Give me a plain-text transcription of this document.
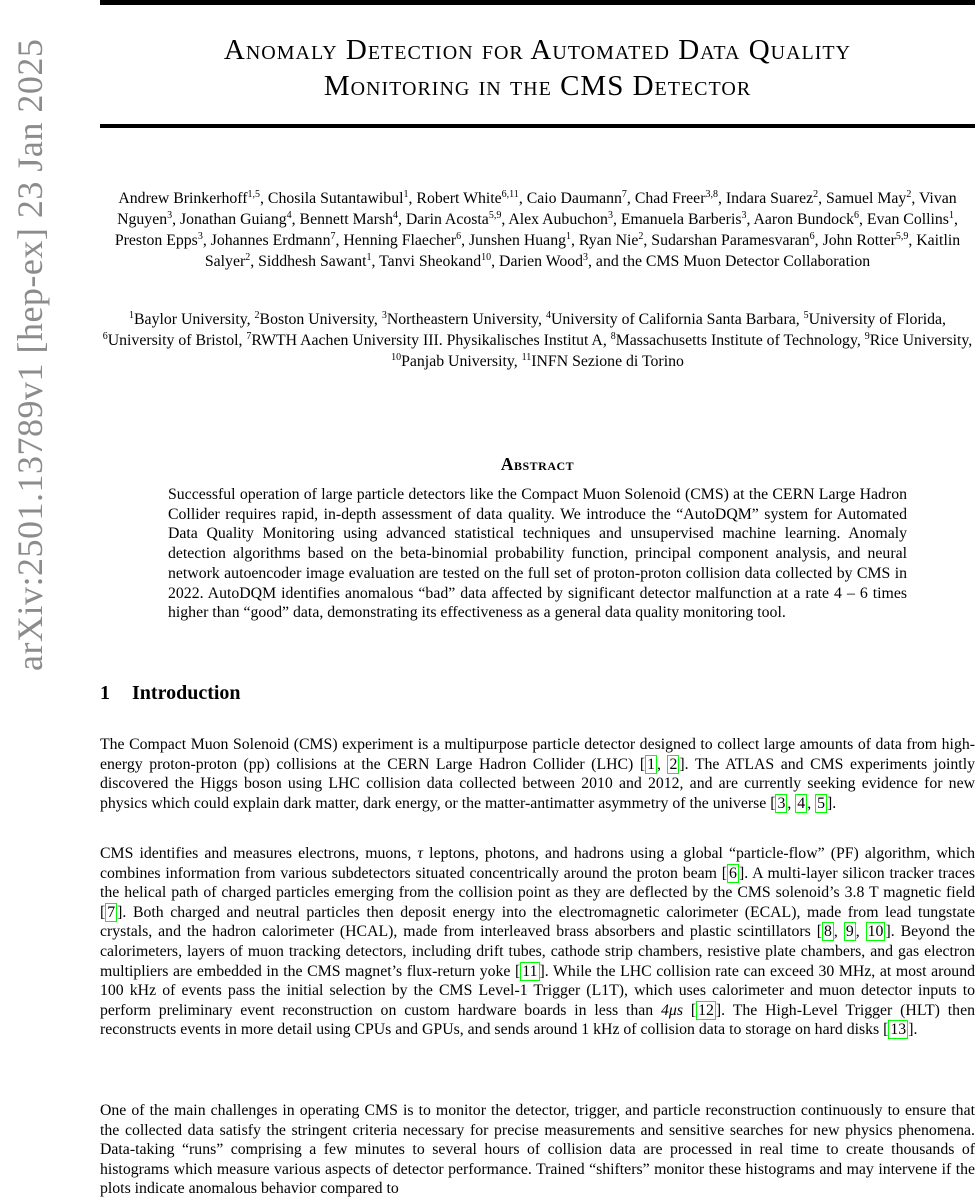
arXiv:2501.13789v1 [hep-ex] 23 Jan 2025	Anomaly Detection for Automated Data Quality
Monitoring in the CMS Detector
Andrew Brinkerhoff$^{1,5}$, Chosila Sutantawibul$^1$, Robert White$^{6,11}$, Caio Daumann$^7$, Chad Freer$^{3,8}$, Indara Suarez$^2$, Samuel May$^2$, Vivan Nguyen$^3$, Jonathan Guiang$^4$, Bennett Marsh$^4$, Darin Acosta$^{5,9}$, Alex Aubuchon$^3$, Emanuela Barberis$^3$, Aaron Bundock$^6$, Evan Collins$^1$, Preston Epps$^3$, Johannes Erdmann$^7$, Henning Flaecher$^6$, Junshen Huang$^1$, Ryan Nie$^2$, Sudarshan Paramesvaran$^6$, John Rotter$^{5,9}$, Kaitlin Salyer$^2$, Siddhesh Sawant$^1$, Tanvi Sheokand$^{10}$, Darien Wood$^3$, and the CMS Muon Detector Collaboration
$^1$Baylor University, $^2$Boston University, $^3$Northeastern University, $^4$University of California Santa Barbara, $^5$University of Florida, $^6$University of Bristol, $^7$RWTH Aachen University III. Physikalisches Institut A, $^8$Massachusetts Institute of Technology, $^9$Rice University, $^{10}$Panjab University, $^{11}$INFN Sezione di Torino
Abstract
Successful operation of large particle detectors like the Compact Muon Solenoid (CMS) at the CERN Large Hadron Collider requires rapid, in-depth assessment of data quality. We introduce the “AutoDQM” system for Automated Data Quality Monitoring using advanced statistical techniques and unsupervised machine learning. Anomaly detection algorithms based on the beta-binomial probability function, principal component analysis, and neural network autoencoder image evaluation are tested on the full set of proton-proton collision data collected by CMS in 2022. AutoDQM identifies anomalous “bad” data affected by significant detector malfunction at a rate 4 – 6 times higher than “good” data, demonstrating its effectiveness as a general data quality monitoring tool.
1 Introduction
The Compact Muon Solenoid (CMS) experiment is a multipurpose particle detector designed to collect large amounts of data from high-energy proton-proton (pp) collisions at the CERN Large Hadron Collider (LHC) [ 1 , 2 ]. The ATLAS and CMS experiments jointly discovered the Higgs boson using LHC collision data collected between 2010 and 2012, and are currently seeking evidence for new physics which could explain dark matter, dark energy, or the matter-antimatter asymmetry of the universe [ 3 , 4 , 5 ].
CMS identifies and measures electrons, muons, τ leptons, photons, and hadrons using a global “particle-flow” (PF) algorithm, which combines information from various subdetectors situated concentrically around the proton beam [ 6 ]. A multi-layer silicon tracker traces the helical path of charged particles emerging from the collision point as they are deflected by the CMS solenoid’s 3.8 T magnetic field [ 7 ]. Both charged and neutral particles then deposit energy into the electromagnetic calorimeter (ECAL), made from lead tungstate crystals, and the hadron calorimeter (HCAL), made from interleaved brass absorbers and plastic scintillators [ 8 , 9 , 10 ]. Beyond the calorimeters, layers of muon tracking detectors, including drift tubes, cathode strip chambers, resistive plate chambers, and gas electron multipliers are embedded in the CMS magnet’s flux-return yoke [ 11 ]. While the LHC collision rate can exceed 30 MHz, at most around 100 kHz of events pass the initial selection by the CMS Level-1 Trigger (L1T), which uses calorimeter and muon detector inputs to perform preliminary event reconstruction on custom hardware boards in less than 4μs [ 12 ]. The High-Level Trigger (HLT) then reconstructs events in more detail using CPUs and GPUs, and sends around 1 kHz of collision data to storage on hard disks [ 13 ].
One of the main challenges in operating CMS is to monitor the detector, trigger, and particle reconstruction continuously to ensure that the collected data satisfy the stringent criteria necessary for precise measurements and sensitive searches for new physics phenomena. Data-taking “runs” comprising a few minutes to several hours of collision data are processed in real time to create thousands of histograms which measure various aspects of detector performance. Trained “shifters” monitor these histograms and may intervene if the plots indicate anomalous behavior compared to
